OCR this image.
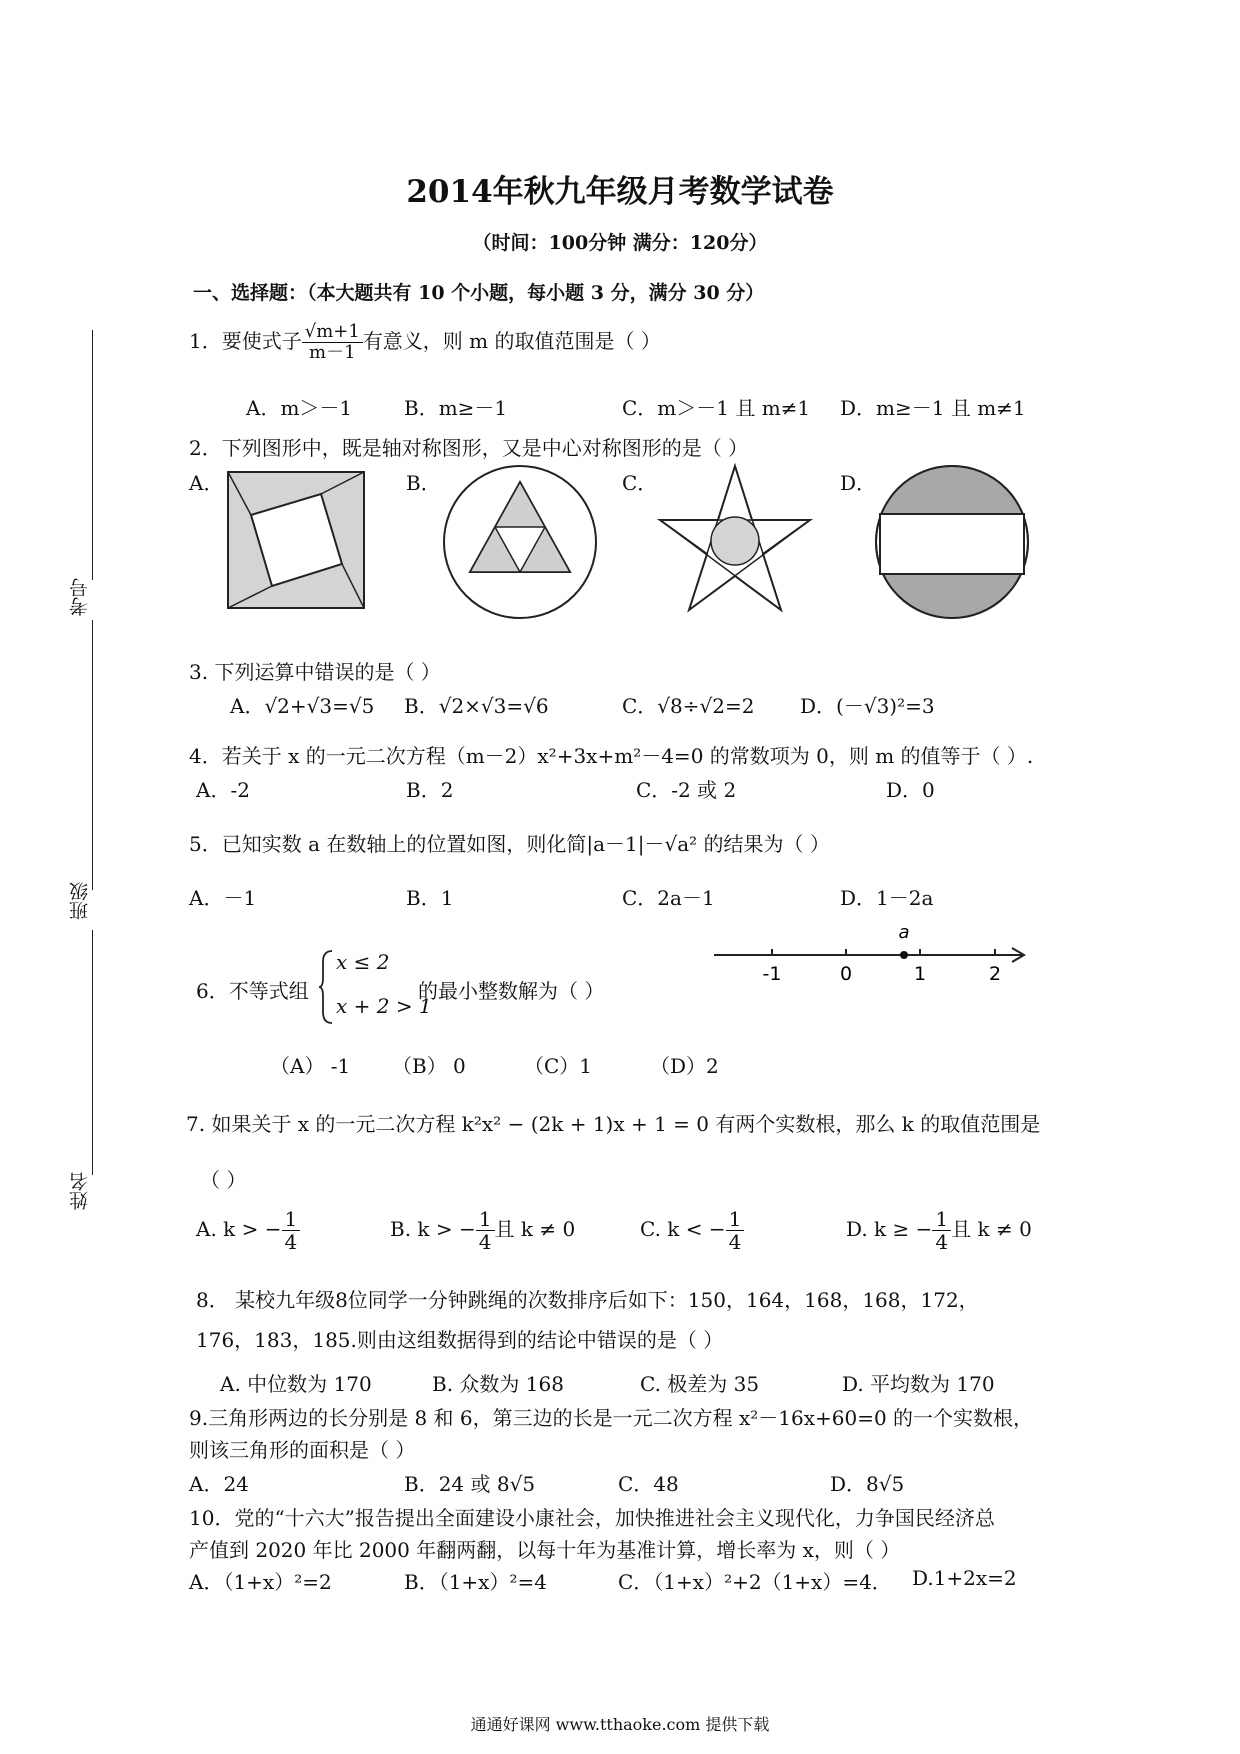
2014年秋九年级月考数学试卷
（时间：100分钟 满分：120分）
一、选择题：（本大题共有 10 个小题，每小题 3 分，满分 30 分）
考号
班级
姓名
1．要使式子 $\frac{√m+1}{m-1}$ 有意义，则 m 的取值范围是（ ）
A．m＞－1	B．m≥－1	C．m＞－1 且 m≠1 D．m≥－1 且 m≠1
2．下列图形中，既是轴对称图形，又是中心对称图形的是（ ）
A．	B．	C．	D．
3. 下列运算中错误的是（ ）
A．√2+√3=√5 B．√2×√3=√6	C．√8÷√2=2 D．(－√3)²=3
4．若关于 x 的一元二次方程（m－2）x²+3x+m²－4=0 的常数项为 0，则 m 的值等于（ ）.
A．-2	B．2	C．-2 或 2	D．0
5．已知实数 a 在数轴上的位置如图，则化简|a－1|－√a² 的结果为（ ）
A．－1	B．1	C．2a－1	D．1－2a
a
-1	0	1	2
6．不等式组
x ≤ 2
x + 2 > 1
的最小整数解为（ ）
（A） -1 （B） 0	（C）1	（D）2
7. 如果关于 x 的一元二次方程 k²x² − (2k + 1)x + 1 = 0 有两个实数根，那么 k 的取值范围是
（ ）
A. k > − $\frac{1}{4}$	B. k > − $\frac{1}{4}$ 且 k ≠ 0	C. k < − $\frac{1}{4}$	D. k ≥ − $\frac{1}{4}$ 且 k ≠ 0
8． 某校九年级8位同学一分钟跳绳的次数排序后如下：150，164，168，168，172，
176，183，185.则由这组数据得到的结论中错误的是（ ）
A. 中位数为 170	B. 众数为 168	C. 极差为 35	D. 平均数为 170
9.三角形两边的长分别是 8 和 6，第三边的长是一元二次方程 x²－16x+60=0 的一个实数根，
则该三角形的面积是（ ）
A．24	B．24 或 8√5	C．48	D．8√5
10．党的“十六大”报告提出全面建设小康社会，加快推进社会主义现代化，力争国民经济总
产值到 2020 年比 2000 年翻两翻，以每十年为基准计算，增长率为 x，则（ ）
A．（1+x）²=2	B．（1+x）²=4	C．（1+x）²+2（1+x）=4． D.1+2x=2
通通好课网 www.tthaoke.com 提供下载
